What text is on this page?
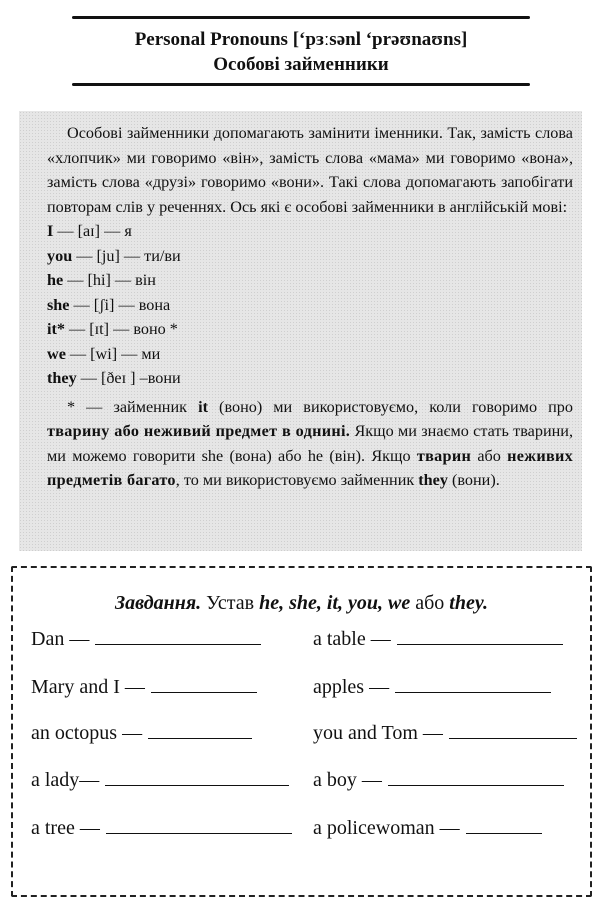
Personal Pronouns [‘pɜːsənl ‘prəʊnaʊns]
Особові займенники

Особові займенники допомагають замінити іменники. Так, замість слова «хлопчик» ми говоримо «він», замість слова «мама» ми говоримо «вона», замість слова «друзі» говоримо «вони». Такі слова допомагають запобігати повторам слів у реченнях. Ось які є особові займенники в англійській мові:

I — [aɪ] — я
you — [ju] — ти/ви
he — [hi] — він
she — [ʃi] — вона
it* — [ɪt] — воно *
we — [wi] — ми
they — [ðeɪ ] –вони

* — займенник it (воно) ми використовуємо, коли говоримо про тварину або неживий предмет в однині. Якщо ми знаємо стать тварини, ми можемо говорити she (вона) або he (він). Якщо тварин або неживих предметів багато, то ми використовуємо займенник they (вони).

Завдання. Устав he, she, it, you, we або they.
Dan —	a table —
Mary and I —	apples —
an octopus —	you and Tom —
a lady—	a boy —
a tree —	a policewoman —
